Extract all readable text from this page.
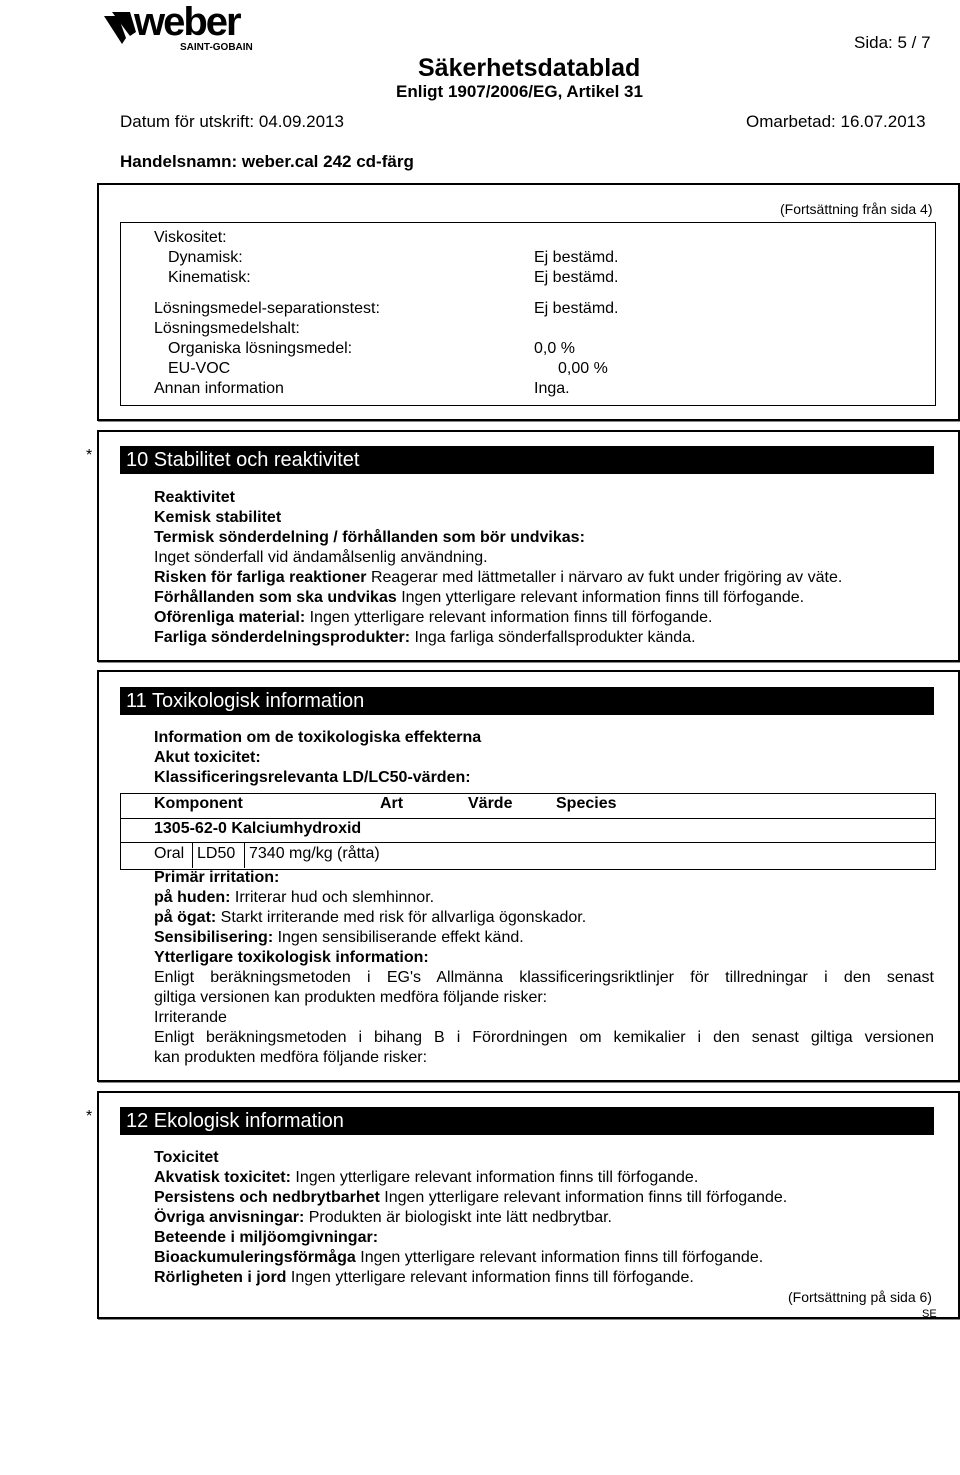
weber
SAINT-GOBAIN
Säkerhetsdatablad
Enligt 1907/2006/EG, Artikel 31
Sida: 5 / 7
Datum för utskrift: 04.09.2013	Omarbetad: 16.07.2013
Handelsnamn: weber.cal 242 cd-färg
(Fortsättning från sida 4)
Viskositet:
Dynamisk:	Ej bestämd.
Kinematisk:	Ej bestämd.
Lösningsmedel-separationstest:	Ej bestämd.
Lösningsmedelshalt:
Organiska lösningsmedel:	0,0 %
EU-VOC	0,00 %
Annan information	Inga.
*	10 Stabilitet och reaktivitet
Reaktivitet
Kemisk stabilitet
Termisk sönderdelning / förhållanden som bör undvikas:
Inget sönderfall vid ändamålsenlig användning.
Risken för farliga reaktioner Reagerar med lättmetaller i närvaro av fukt under frigöring av väte.
Förhållanden som ska undvikas Ingen ytterligare relevant information finns till förfogande.
Oförenliga material: Ingen ytterligare relevant information finns till förfogande.
Farliga sönderdelningsprodukter: Inga farliga sönderfallsprodukter kända.
11 Toxikologisk information
Information om de toxikologiska effekterna
Akut toxicitet:
Klassificeringsrelevanta LD/LC50-värden:
Komponent	Art	Värde	Species
1305-62-0 Kalciumhydroxid
Oral LD50 7340 mg/kg (råtta)
Primär irritation:
på huden: Irriterar hud och slemhinnor.
på ögat: Starkt irriterande med risk för allvarliga ögonskador.
Sensibilisering: Ingen sensibiliserande effekt känd.
Ytterligare toxikologisk information:
Enligt beräkningsmetoden i EG's Allmänna klassificeringsriktlinjer för tillredningar i den senast
giltiga versionen kan produkten medföra följande risker:
Irriterande
Enligt beräkningsmetoden i bihang B i Förordningen om kemikalier i den senast giltiga versionen
kan produkten medföra följande risker:
*	12 Ekologisk information
Toxicitet
Akvatisk toxicitet: Ingen ytterligare relevant information finns till förfogande.
Persistens och nedbrytbarhet Ingen ytterligare relevant information finns till förfogande.
Övriga anvisningar: Produkten är biologiskt inte lätt nedbrytbar.
Beteende i miljöomgivningar:
Bioackumuleringsförmåga Ingen ytterligare relevant information finns till förfogande.
Rörligheten i jord Ingen ytterligare relevant information finns till förfogande.
(Fortsättning på sida 6)
SE
